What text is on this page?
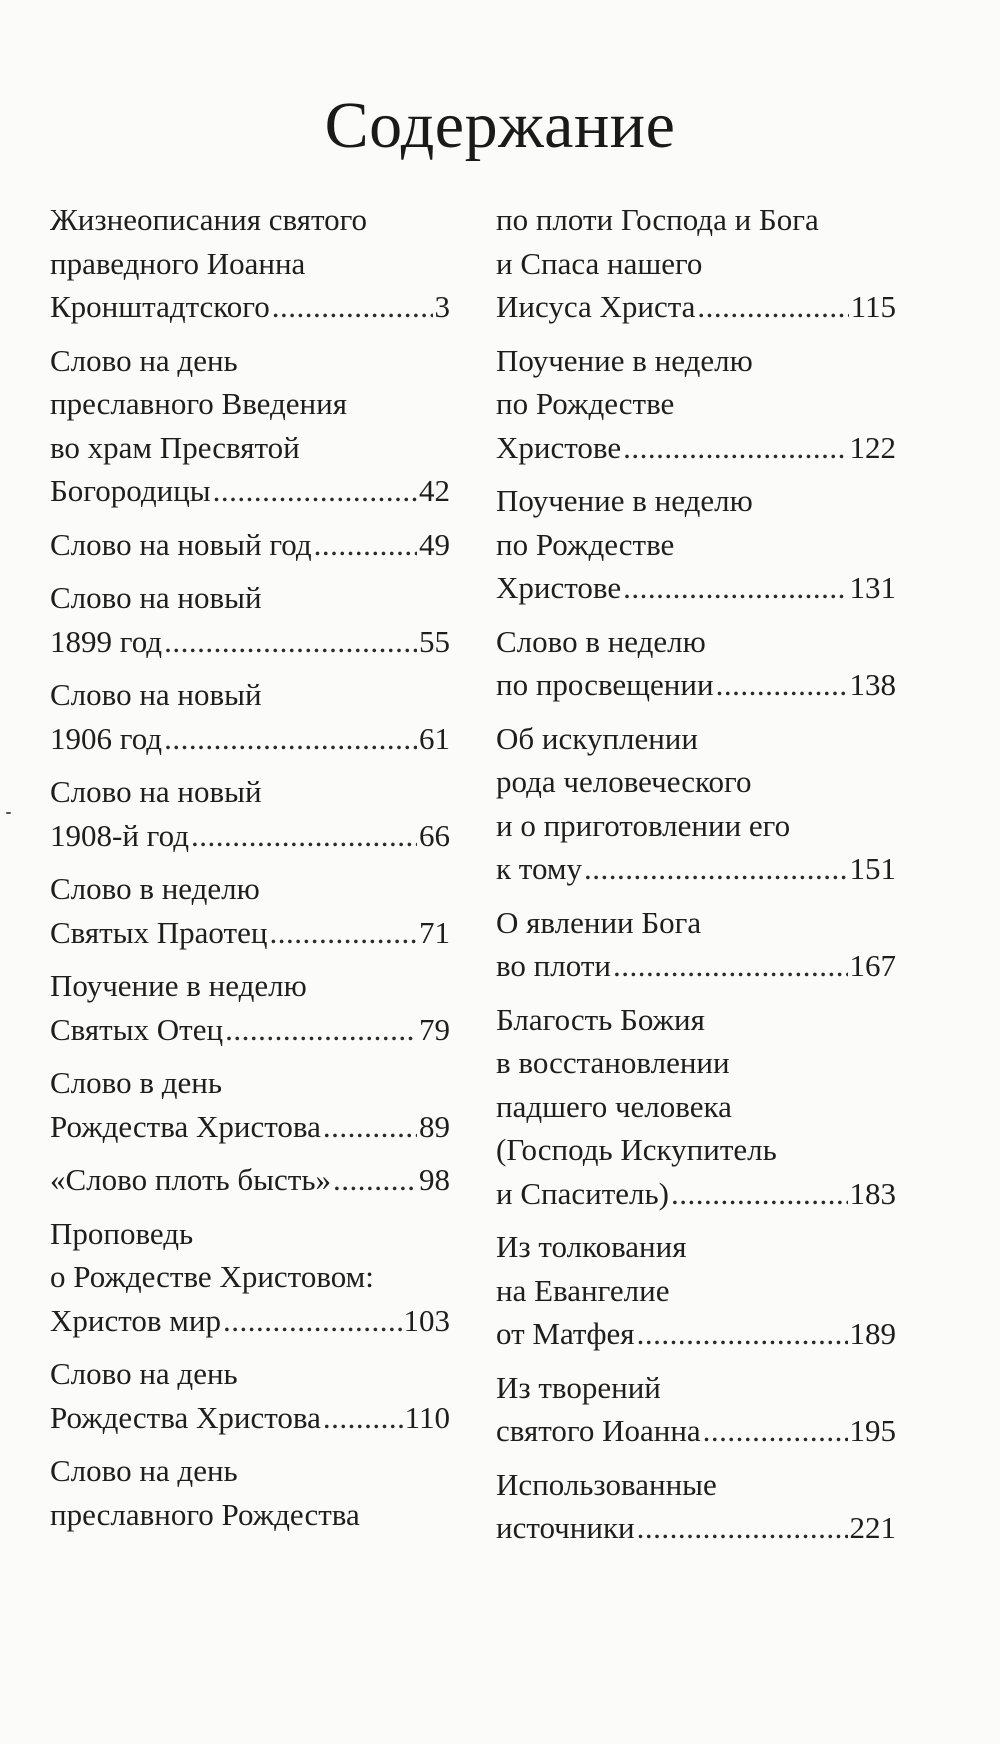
Содержание
Жизнеописания святого
праведного Иоанна
Кронштадтского .....	3
Слово на день
преславного Введения
во храм Пресвятой
Богородицы .....	42
Слово на новый год .....	49
Слово на новый
1899 год .....	55
Слово на новый
1906 год .....	61
Слово на новый
1908-й год .....	66
Слово в неделю
Святых Праотец .....	71
Поучение в неделю
Святых Отец .....	79
Слово в день
Рождества Христова .....	89
«Слово плоть бысть» .....	98
Проповедь
о Рождестве Христовом:
Христов мир .....	103
Слово на день
Рождества Христова .....	110
Слово на день
преславного Рождества
по плоти Господа и Бога
и Спаса нашего
Иисуса Христа .....	115
Поучение в неделю
по Рождестве
Христове .....	122
Поучение в неделю
по Рождестве
Христове .....	131
Слово в неделю
по просвещении .....	138
Об искуплении
рода человеческого
и о приготовлении его
к тому .....	151
О явлении Бога
во плоти .....	167
Благость Божия
в восстановлении
падшего человека
(Господь Искупитель
и Спаситель) .....	183
Из толкования
на Евангелие
от Матфея .....	189
Из творений
святого Иоанна .....	195
Использованные
источники .....	221
